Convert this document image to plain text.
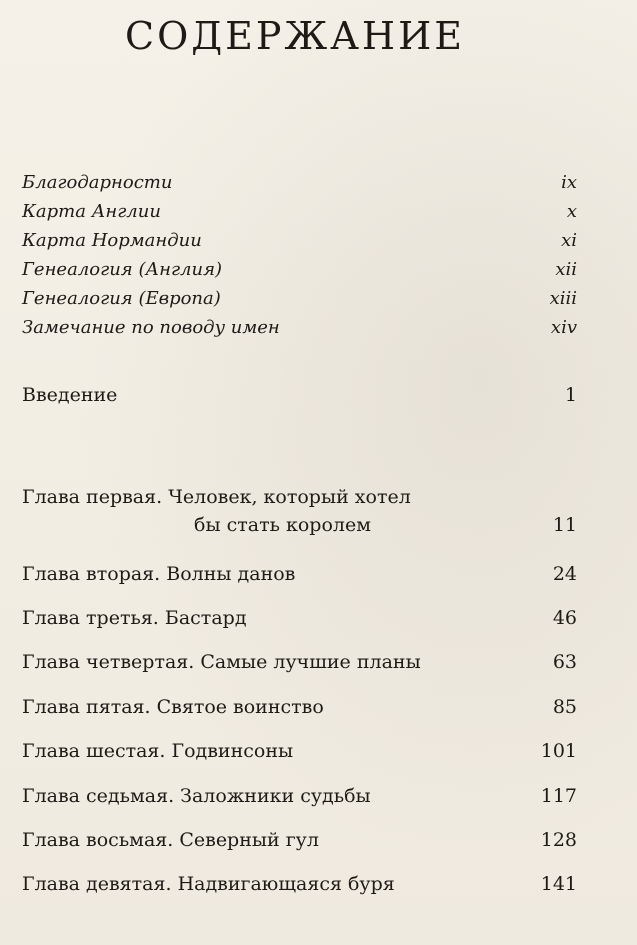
СОДЕРЖАНИЕ
Благодарности	ix
Карта Англии	x
Карта Нормандии	xi
Генеалогия (Англия)	xii
Генеалогия (Европа)	xiii
Замечание по поводу имен	xiv
Введение	1
Глава первая. Человек, который хотел
бы стать королем	11
Глава вторая. Волны данов	24
Глава третья. Бастард	46
Глава четвертая. Самые лучшие планы	63
Глава пятая. Святое воинство	85
Глава шестая. Годвинсоны	101
Глава седьмая. Заложники судьбы	117
Глава восьмая. Северный гул	128
Глава девятая. Надвигающаяся буря	141
